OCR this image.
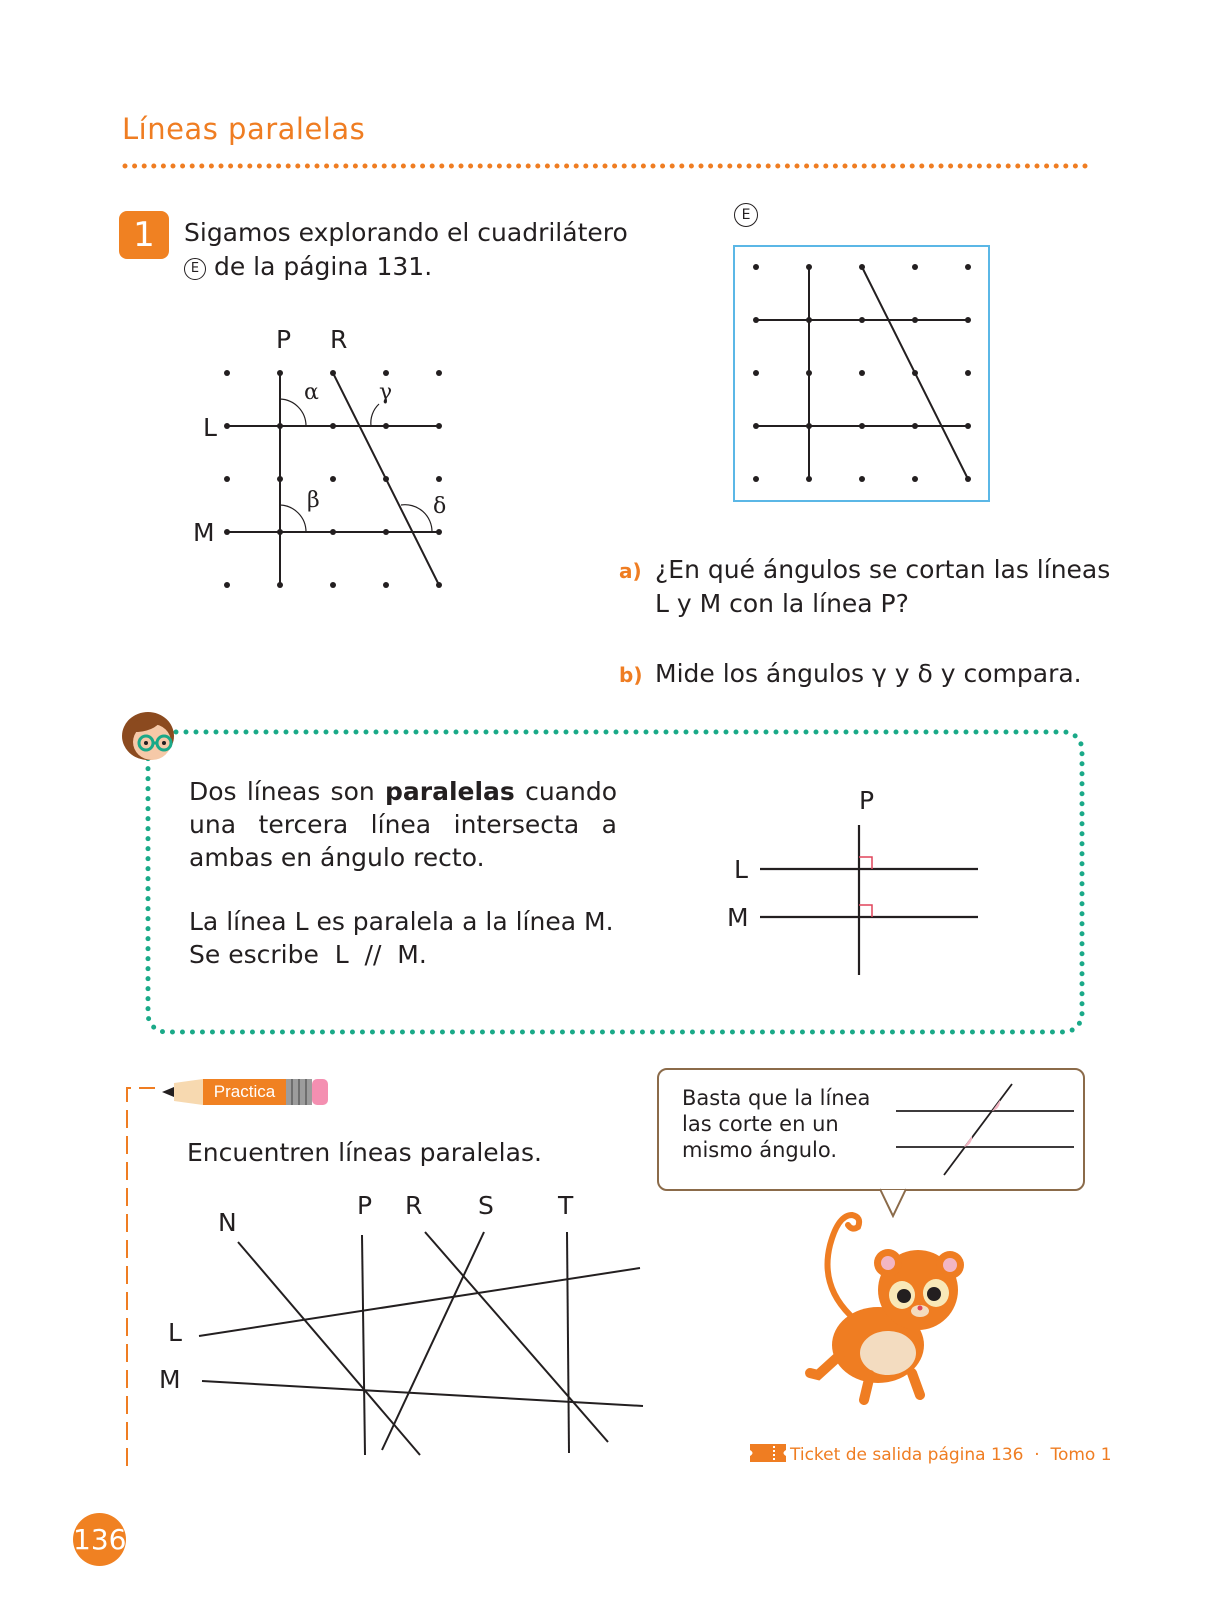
Líneas paralelas
1	Sigamos explorando el cuadrilátero
E de la página 131.
P R
L
M
α	γ
β	δ
E
a) ¿En qué ángulos se cortan las líneas
L y M con la línea P?
b) Mide los ángulos γ y δ y compara.
Dos líneas son paralelas cuando una tercera línea intersecta a ambas en ángulo recto.
La línea L es paralela a la línea M.
Se escribe  L  //  M.
P
L
M
Practica
Encuentren líneas paralelas.
N
P R S	T
L
M
Basta que la línea las corte en un mismo ángulo.
Ticket de salida página 136  ·  Tomo 1
136
